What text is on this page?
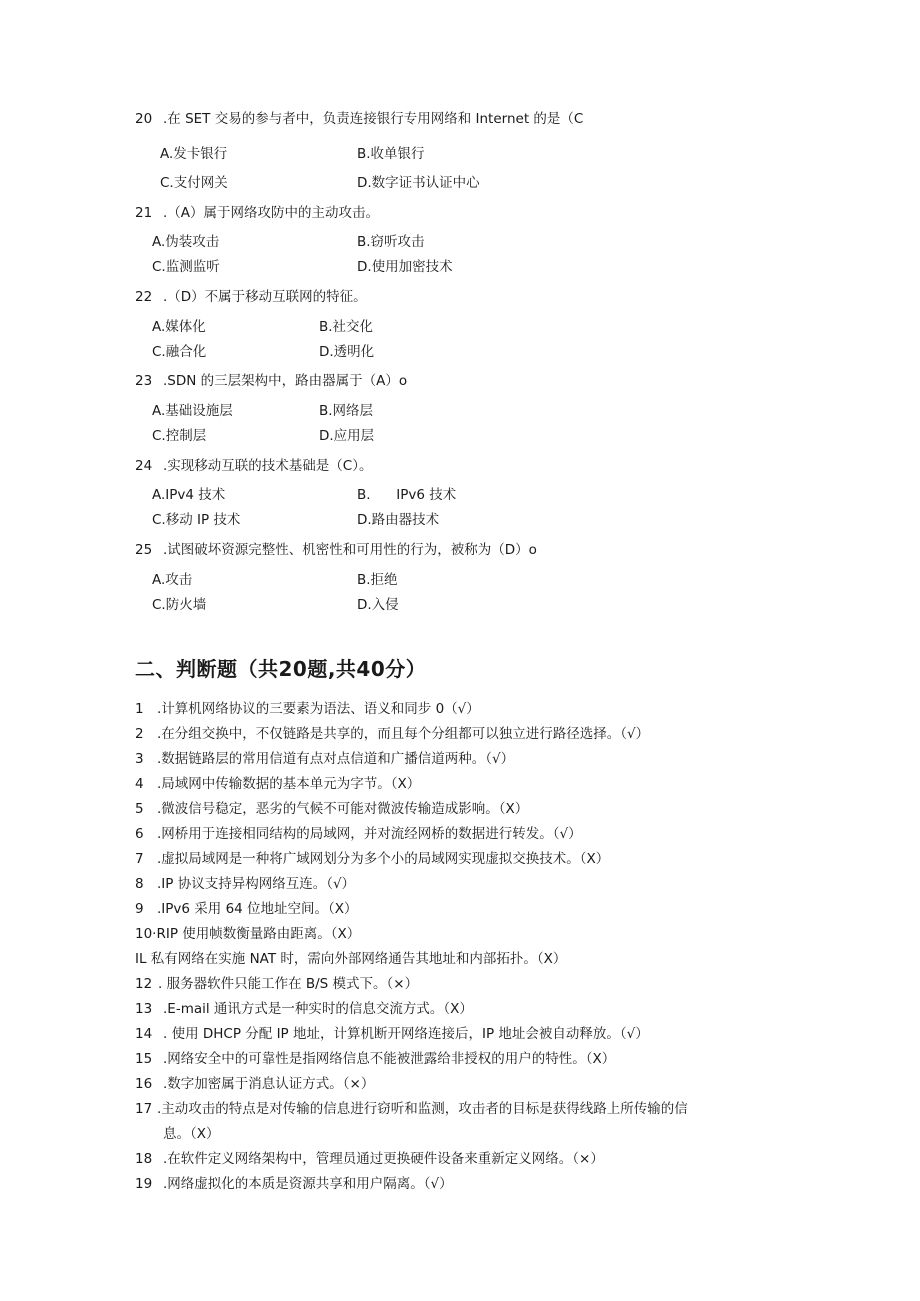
20 .在 SET 交易的参与者中，负责连接银行专用网络和 Internet 的是（C
A.发卡银行	B.收单银行
C.支付网关	D.数字证书认证中心
21 .（A）属于网络攻防中的主动攻击。
A.伪装攻击	B.窃听攻击
C.监测监听	D.使用加密技术
22 .（D）不属于移动互联网的特征。
A.媒体化	B.社交化
C.融合化	D.透明化
23 .SDN 的三层架构中，路由器属于（A）o
A.基础设施层	B.网络层
C.控制层	D.应用层
24 .实现移动互联的技术基础是（C）。
A.IPv4 技术	B.      IPv6 技术
C.移动 IP 技术	D.路由器技术
25 .试图破坏资源完整性、机密性和可用性的行为，被称为（D）o
A.攻击	B.拒绝
C.防火墙	D.入侵
二、判断题（共20题,共40分）
1 .计算机网络协议的三要素为语法、语义和同步 0（√）
2 .在分组交换中，不仅链路是共享的，而且每个分组都可以独立进行路径选择。（√）
3 .数据链路层的常用信道有点对点信道和广播信道两种。（√）
4 .局域网中传输数据的基本单元为字节。（X）
5 .微波信号稳定，恶劣的气候不可能对微波传输造成影响。（X）
6 .网桥用于连接相同结构的局域网，并对流经网桥的数据进行转发。（√）
7 .虚拟局域网是一种将广域网划分为多个小的局域网实现虚拟交换技术。（X）
8 .IP 协议支持异构网络互连。（√）
9 .IPv6 采用 64 位地址空间。（X）
10·RIP 使用帧数衡量路由距离。（X）
IL 私有网络在实施 NAT 时，需向外部网络通告其地址和内部拓扑。（X）
12 . 服务器软件只能工作在 B/S 模式下。（×）
13 .E-mail 通讯方式是一种实时的信息交流方式。（X）
14 . 使用 DHCP 分配 IP 地址，计算机断开网络连接后，IP 地址会被自动释放。（√）
15 .网络安全中的可靠性是指网络信息不能被泄露给非授权的用户的特性。（X）
16 .数字加密属于消息认证方式。（×）
17 .主动攻击的特点是对传输的信息进行窃听和监测，攻击者的目标是获得线路上所传输的信
息。（X）
18 .在软件定义网络架构中，管理员通过更换硬件设备来重新定义网络。（×）
19 .网络虚拟化的本质是资源共享和用户隔离。（√）
